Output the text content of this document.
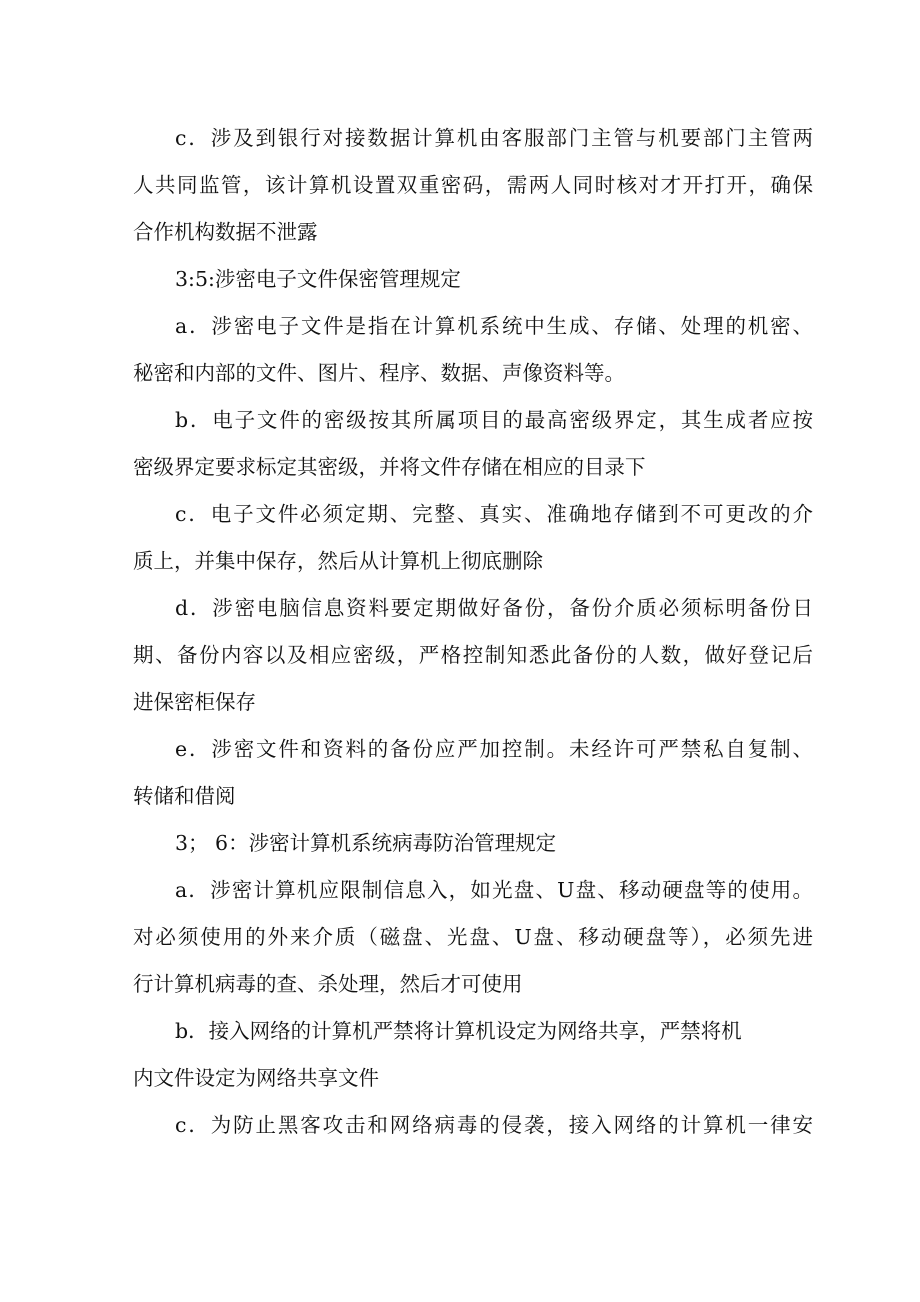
c．涉及到银行对接数据计算机由客服部门主管与机要部门主管两
人共同监管，该计算机设置双重密码，需两人同时核对才开打开，确保
合作机构数据不泄露
3:5:涉密电子文件保密管理规定
a．涉密电子文件是指在计算机系统中生成、存储、处理的机密、
秘密和内部的文件、图片、程序、数据、声像资料等。
b．电子文件的密级按其所属项目的最高密级界定，其生成者应按
密级界定要求标定其密级，并将文件存储在相应的目录下
c．电子文件必须定期、完整、真实、准确地存储到不可更改的介
质上，并集中保存，然后从计算机上彻底删除
d．涉密电脑信息资料要定期做好备份，备份介质必须标明备份日
期、备份内容以及相应密级，严格控制知悉此备份的人数，做好登记后
进保密柜保存
e．涉密文件和资料的备份应严加控制。未经许可严禁私自复制、
转储和借阅
3； 6：涉密计算机系统病毒防治管理规定
a．涉密计算机应限制信息入，如光盘、U盘、移动硬盘等的使用。
对必须使用的外来介质（磁盘、光盘、U盘、移动硬盘等），必须先进
行计算机病毒的查、杀处理，然后才可使用
b．接入网络的计算机严禁将计算机设定为网络共享，严禁将机
内文件设定为网络共享文件
c．为防止黑客攻击和网络病毒的侵袭，接入网络的计算机一律安
